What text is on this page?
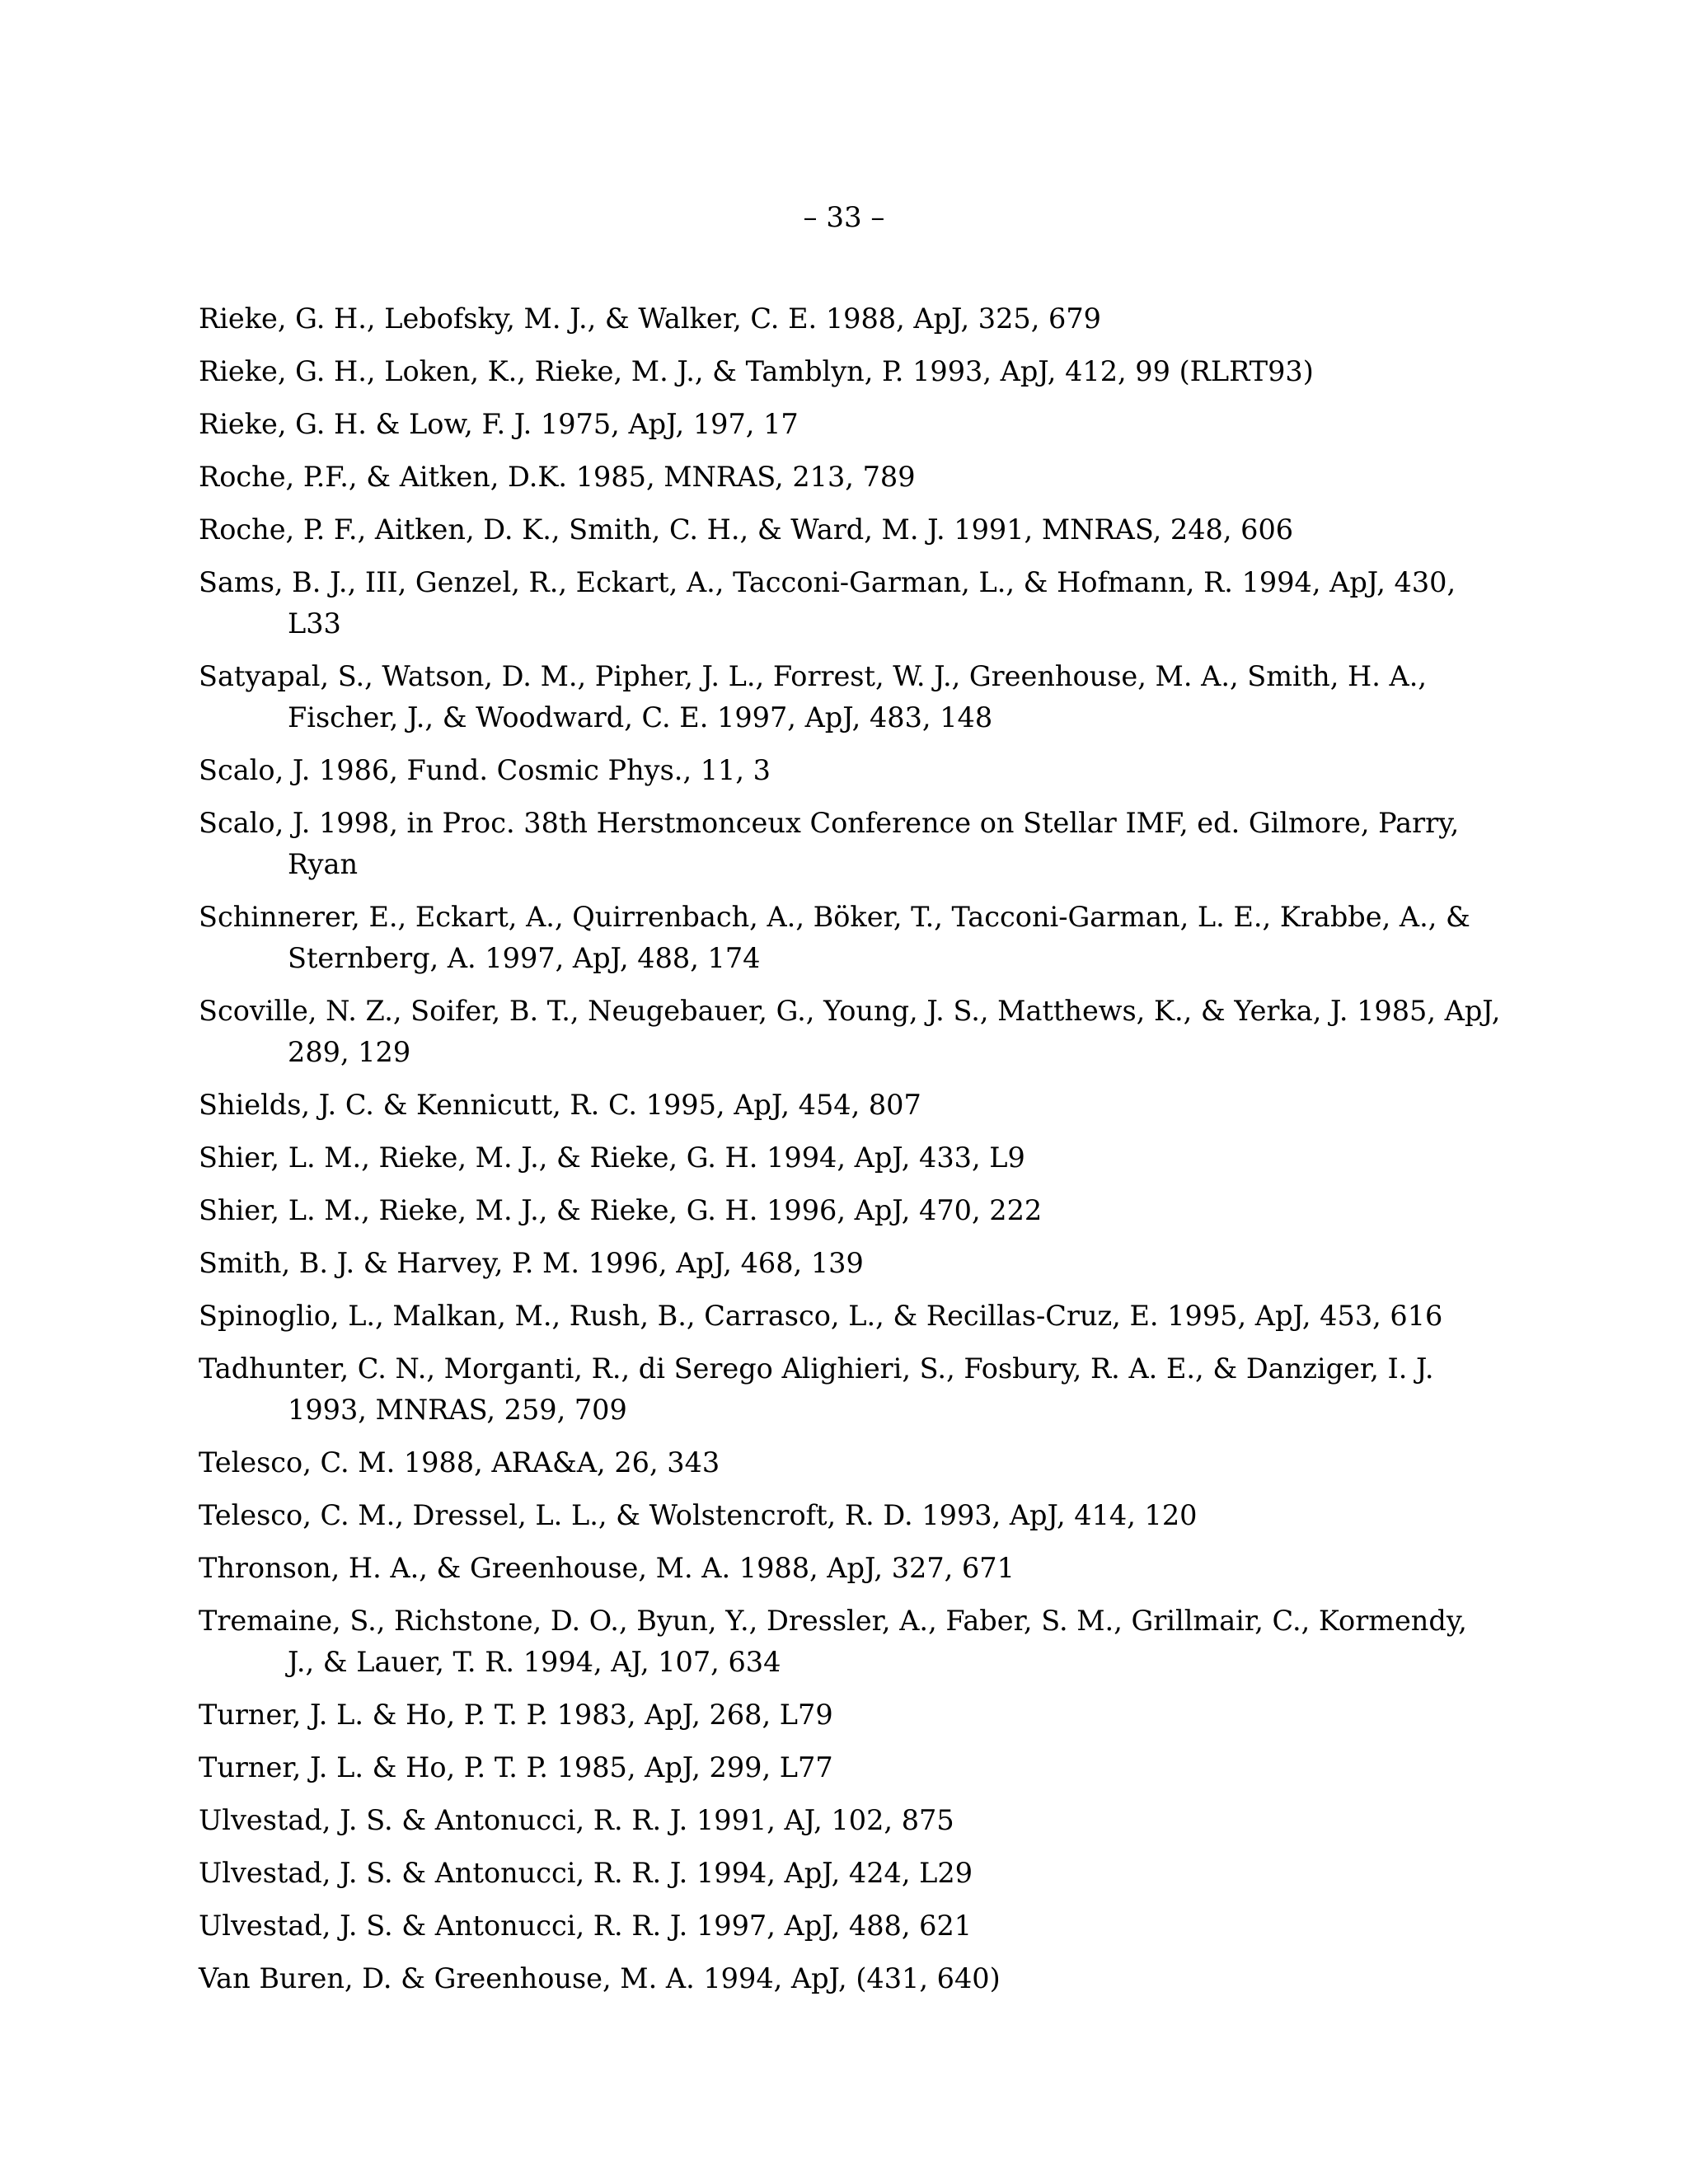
– 33 –
Rieke, G. H., Lebofsky, M. J., & Walker, C. E. 1988, ApJ, 325, 679
Rieke, G. H., Loken, K., Rieke, M. J., & Tamblyn, P. 1993, ApJ, 412, 99 (RLRT93)
Rieke, G. H. & Low, F. J. 1975, ApJ, 197, 17
Roche, P.F., & Aitken, D.K. 1985, MNRAS, 213, 789
Roche, P. F., Aitken, D. K., Smith, C. H., & Ward, M. J. 1991, MNRAS, 248, 606
Sams, B. J., III, Genzel, R., Eckart, A., Tacconi-Garman, L., & Hofmann, R. 1994, ApJ, 430, L33
Satyapal, S., Watson, D. M., Pipher, J. L., Forrest, W. J., Greenhouse, M. A., Smith, H. A., Fischer, J., & Woodward, C. E. 1997, ApJ, 483, 148
Scalo, J. 1986, Fund. Cosmic Phys., 11, 3
Scalo, J. 1998, in Proc. 38th Herstmonceux Conference on Stellar IMF, ed. Gilmore, Parry, Ryan
Schinnerer, E., Eckart, A., Quirrenbach, A., Böker, T., Tacconi-Garman, L. E., Krabbe, A., & Sternberg, A. 1997, ApJ, 488, 174
Scoville, N. Z., Soifer, B. T., Neugebauer, G., Young, J. S., Matthews, K., & Yerka, J. 1985, ApJ, 289, 129
Shields, J. C. & Kennicutt, R. C. 1995, ApJ, 454, 807
Shier, L. M., Rieke, M. J., & Rieke, G. H. 1994, ApJ, 433, L9
Shier, L. M., Rieke, M. J., & Rieke, G. H. 1996, ApJ, 470, 222
Smith, B. J. & Harvey, P. M. 1996, ApJ, 468, 139
Spinoglio, L., Malkan, M., Rush, B., Carrasco, L., & Recillas-Cruz, E. 1995, ApJ, 453, 616
Tadhunter, C. N., Morganti, R., di Serego Alighieri, S., Fosbury, R. A. E., & Danziger, I. J. 1993, MNRAS, 259, 709
Telesco, C. M. 1988, ARA&A, 26, 343
Telesco, C. M., Dressel, L. L., & Wolstencroft, R. D. 1993, ApJ, 414, 120
Thronson, H. A., & Greenhouse, M. A. 1988, ApJ, 327, 671
Tremaine, S., Richstone, D. O., Byun, Y., Dressler, A., Faber, S. M., Grillmair, C., Kormendy, J., & Lauer, T. R. 1994, AJ, 107, 634
Turner, J. L. & Ho, P. T. P. 1983, ApJ, 268, L79
Turner, J. L. & Ho, P. T. P. 1985, ApJ, 299, L77
Ulvestad, J. S. & Antonucci, R. R. J. 1991, AJ, 102, 875
Ulvestad, J. S. & Antonucci, R. R. J. 1994, ApJ, 424, L29
Ulvestad, J. S. & Antonucci, R. R. J. 1997, ApJ, 488, 621
Van Buren, D. & Greenhouse, M. A. 1994, ApJ, (431, 640)
